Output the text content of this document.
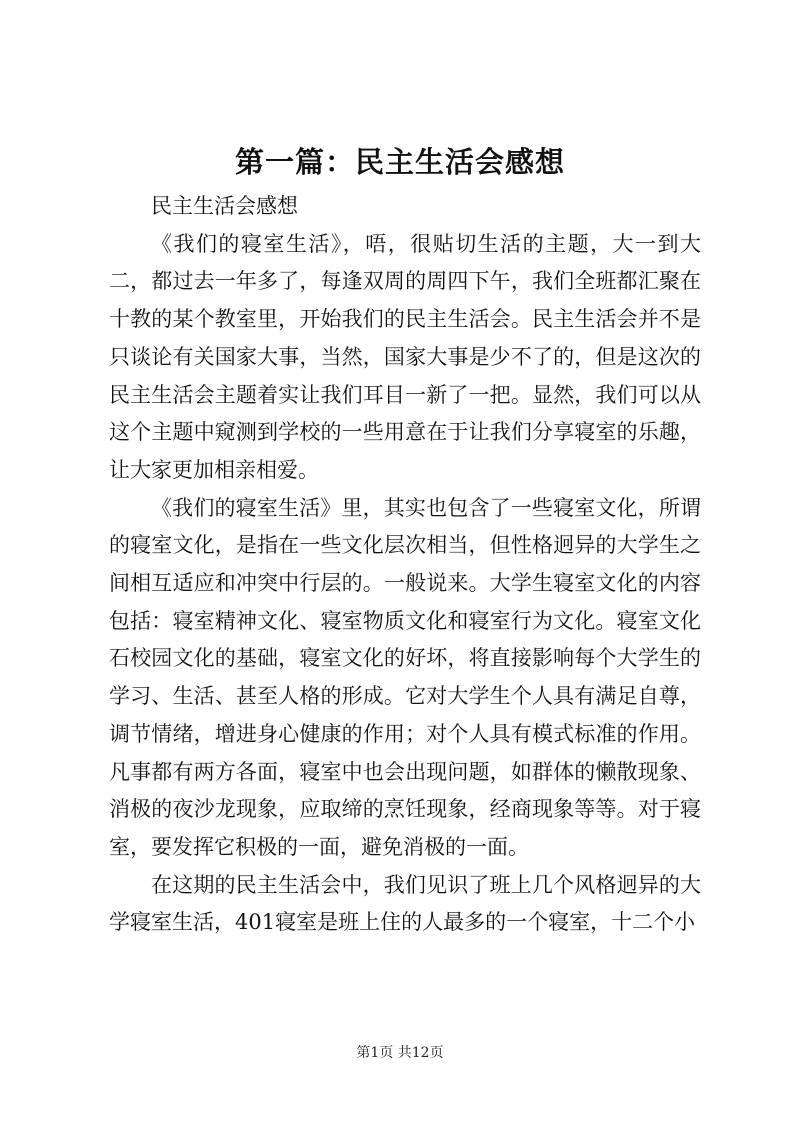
第一篇：民主生活会感想

民主生活会感想

《我们的寝室生活》，唔，很贴切生活的主题，大一到大二，都过去一年多了，每逢双周的周四下午，我们全班都汇聚在十教的某个教室里，开始我们的民主生活会。民主生活会并不是只谈论有关国家大事，当然，国家大事是少不了的，但是这次的民主生活会主题着实让我们耳目一新了一把。显然，我们可以从这个主题中窥测到学校的一些用意在于让我们分享寝室的乐趣，让大家更加相亲相爱。

《我们的寝室生活》里，其实也包含了一些寝室文化，所谓的寝室文化，是指在一些文化层次相当，但性格迥异的大学生之间相互适应和冲突中行层的。一般说来。大学生寝室文化的内容包括：寝室精神文化、寝室物质文化和寝室行为文化。寝室文化石校园文化的基础，寝室文化的好坏，将直接影响每个大学生的学习、生活、甚至人格的形成。它对大学生个人具有满足自尊，调节情绪，增进身心健康的作用；对个人具有模式标准的作用。凡事都有两方各面，寝室中也会出现问题，如群体的懒散现象、消极的夜沙龙现象，应取缔的烹饪现象，经商现象等等。对于寝室，要发挥它积极的一面，避免消极的一面。

在这期的民主生活会中，我们见识了班上几个风格迥异的大学寝室生活，401寝室是班上住的人最多的一个寝室，十二个小

第1页 共12页
